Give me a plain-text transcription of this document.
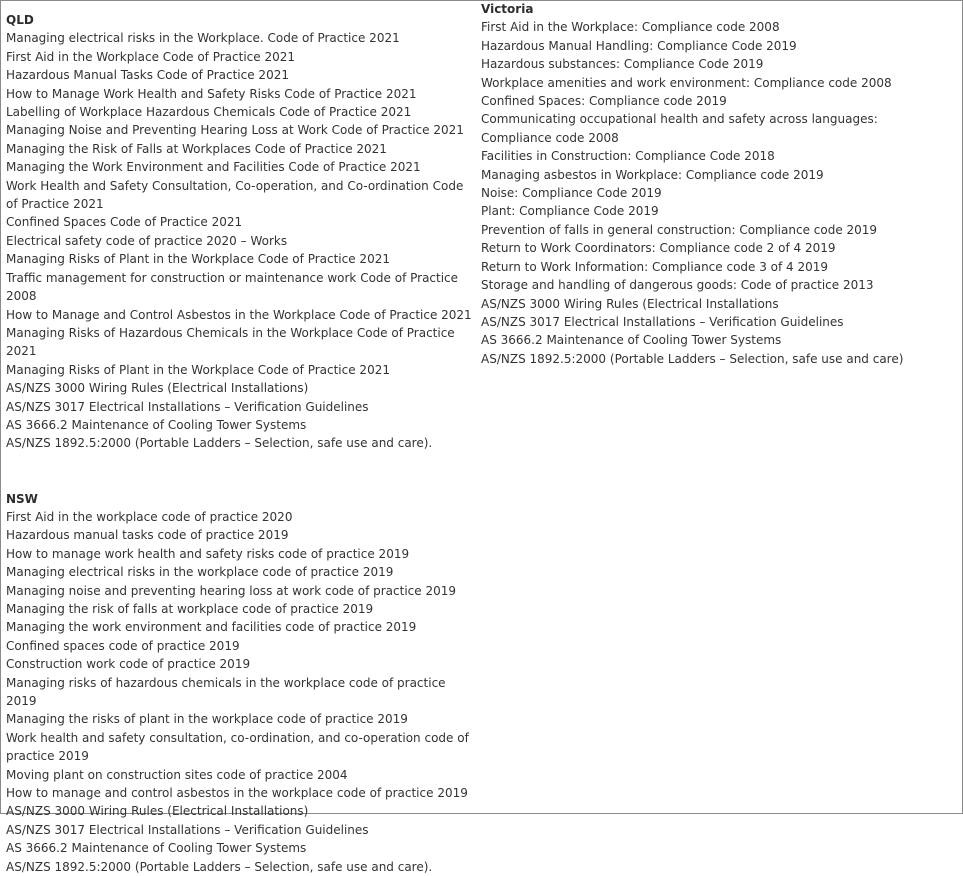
QLD
Managing electrical risks in the Workplace. Code of Practice 2021
First Aid in the Workplace Code of Practice 2021
Hazardous Manual Tasks Code of Practice 2021
How to Manage Work Health and Safety Risks Code of Practice 2021
Labelling of Workplace Hazardous Chemicals Code of Practice 2021
Managing Noise and Preventing Hearing Loss at Work Code of Practice 2021
Managing the Risk of Falls at Workplaces Code of Practice 2021
Managing the Work Environment and Facilities Code of Practice 2021
Work Health and Safety Consultation, Co-operation, and Co-ordination Code of Practice 2021
Confined Spaces Code of Practice 2021
Electrical safety code of practice 2020 – Works
Managing Risks of Plant in the Workplace Code of Practice 2021
Traffic management for construction or maintenance work Code of Practice 2008
How to Manage and Control Asbestos in the Workplace Code of Practice 2021
Managing Risks of Hazardous Chemicals in the Workplace Code of Practice 2021
Managing Risks of Plant in the Workplace Code of Practice 2021
AS/NZS 3000 Wiring Rules (Electrical Installations)
AS/NZS 3017 Electrical Installations – Verification Guidelines
AS 3666.2 Maintenance of Cooling Tower Systems
AS/NZS 1892.5:2000 (Portable Ladders – Selection, safe use and care).
NSW
First Aid in the workplace code of practice 2020
Hazardous manual tasks code of practice 2019
How to manage work health and safety risks code of practice 2019
Managing electrical risks in the workplace code of practice 2019
Managing noise and preventing hearing loss at work code of practice 2019
Managing the risk of falls at workplace code of practice 2019
Managing the work environment and facilities code of practice 2019
Confined spaces code of practice 2019
Construction work code of practice 2019
Managing risks of hazardous chemicals in the workplace code of practice 2019
Managing the risks of plant in the workplace code of practice 2019
Work health and safety consultation, co-ordination, and co-operation code of practice 2019
Moving plant on construction sites code of practice 2004
How to manage and control asbestos in the workplace code of practice 2019
AS/NZS 3000 Wiring Rules (Electrical Installations)
AS/NZS 3017 Electrical Installations – Verification Guidelines
AS 3666.2 Maintenance of Cooling Tower Systems
AS/NZS 1892.5:2000 (Portable Ladders – Selection, safe use and care).
Victoria
First Aid in the Workplace: Compliance code 2008
Hazardous Manual Handling: Compliance Code 2019
Hazardous substances: Compliance Code 2019
Workplace amenities and work environment: Compliance code 2008
Confined Spaces: Compliance code 2019
Communicating occupational health and safety across languages: Compliance code 2008
Facilities in Construction: Compliance Code 2018
Managing asbestos in Workplace: Compliance code 2019
Noise: Compliance Code 2019
Plant: Compliance Code 2019
Prevention of falls in general construction: Compliance code 2019
Return to Work Coordinators: Compliance code 2 of 4 2019
Return to Work Information: Compliance code 3 of 4 2019
Storage and handling of dangerous goods: Code of practice 2013
AS/NZS 3000 Wiring Rules (Electrical Installations
AS/NZS 3017 Electrical Installations – Verification Guidelines
AS 3666.2 Maintenance of Cooling Tower Systems
AS/NZS 1892.5:2000 (Portable Ladders – Selection, safe use and care)
